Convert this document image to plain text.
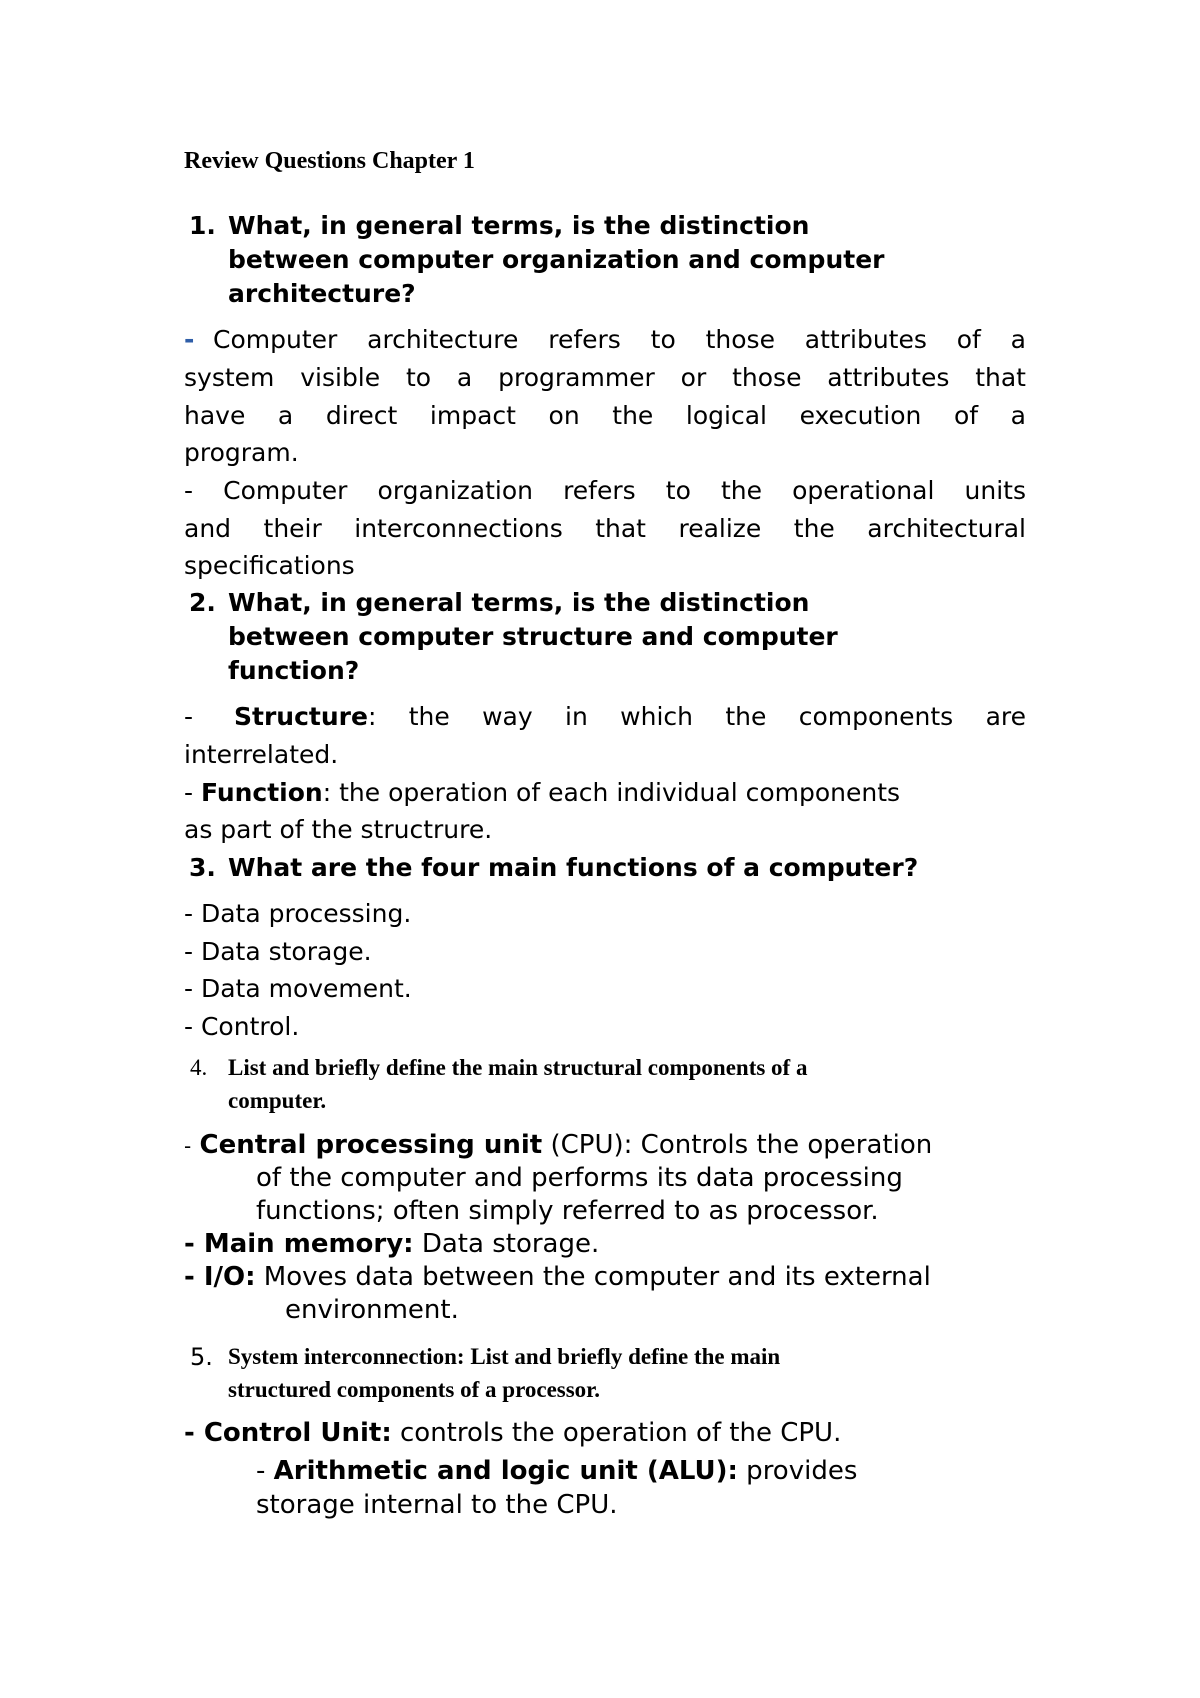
Review Questions Chapter 1
1. What, in general terms, is the distinction
between computer organization and computer
architecture?
- Computer architecture refers to those attributes of a
system visible to a programmer or those attributes that
have a direct impact on the logical execution of a
program.
- Computer organization refers to the operational units
and their interconnections that realize the architectural
specifications
2. What, in general terms, is the distinction
between computer structure and computer
function?
- Structure: the way in which the components are
interrelated.
- Function: the operation of each individual components
as part of the structrure.
3. What are the four main functions of a computer?
- Data processing.
- Data storage.
- Data movement.
- Control.
4. List and briefly define the main structural components of a
computer.
- Central processing unit (CPU): Controls the operation
of the computer and performs its data processing
functions; often simply referred to as processor.
- Main memory: Data storage.
- I/O: Moves data between the computer and its external
environment.
5. System interconnection: List and briefly define the main
structured components of a processor.
- Control Unit: controls the operation of the CPU.
- Arithmetic and logic unit (ALU): provides
storage internal to the CPU.
